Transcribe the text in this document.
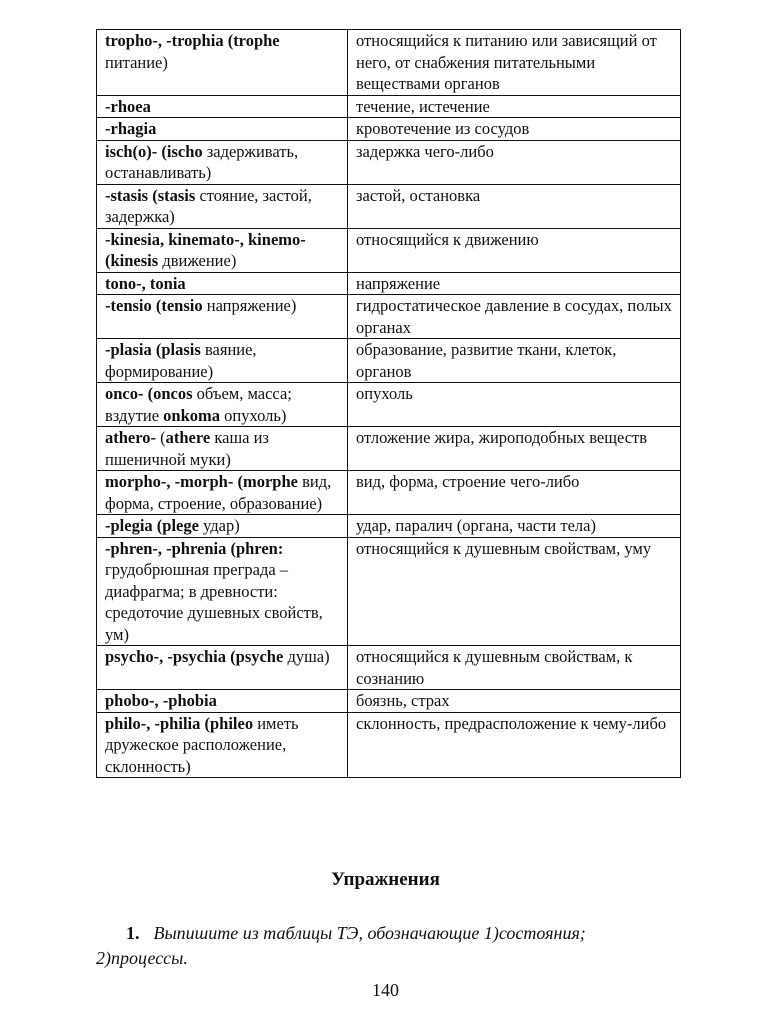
tropho-, -trophia (trophe питание)	относящийся к питанию или зависящий от него, от снабжения питательными веществами органов
-rhoea	течение, истечение
-rhagia	кровотечение из сосудов
isch(o)- (ischo задерживать, останавливать)	задержка чего-либо
-stasis (stasis стояние, застой, задержка)	застой, остановка
-kinesia, kinemato-, kinemo- (kinesis движение)	относящийся к движению
tono-, tonia	напряжение
-tensio (tensio напряжение)	гидростатическое давление в сосудах, полых органах
-plasia (plasis ваяние, формирование)	образование, развитие ткани, клеток, органов
onco- (oncos объем, масса; вздутие onkoma опухоль)	опухоль
athero- (athere каша из пшеничной муки)	отложение жира, жироподобных веществ
morpho-, -morph- (morphe вид, форма, строение, образование)	вид, форма, строение чего-либо
-plegia (plege удар)	удар, паралич (органа, части тела)
-phren-, -phrenia (phren: грудобрюшная преграда – диафрагма; в древности: средоточие душевных свойств, ум)	относящийся к душевным свойствам, уму
psycho-, -psychia (psyche душа)	относящийся к душевным свойствам, к сознанию
phobo-, -phobia	боязнь, страх
philo-, -philia (phileo иметь дружеское расположение, склонность)	склонность, предрасположение к чему-либо
Упражнения
1. Выпишите из таблицы ТЭ, обозначающие 1)состояния; 2)процессы.
140
